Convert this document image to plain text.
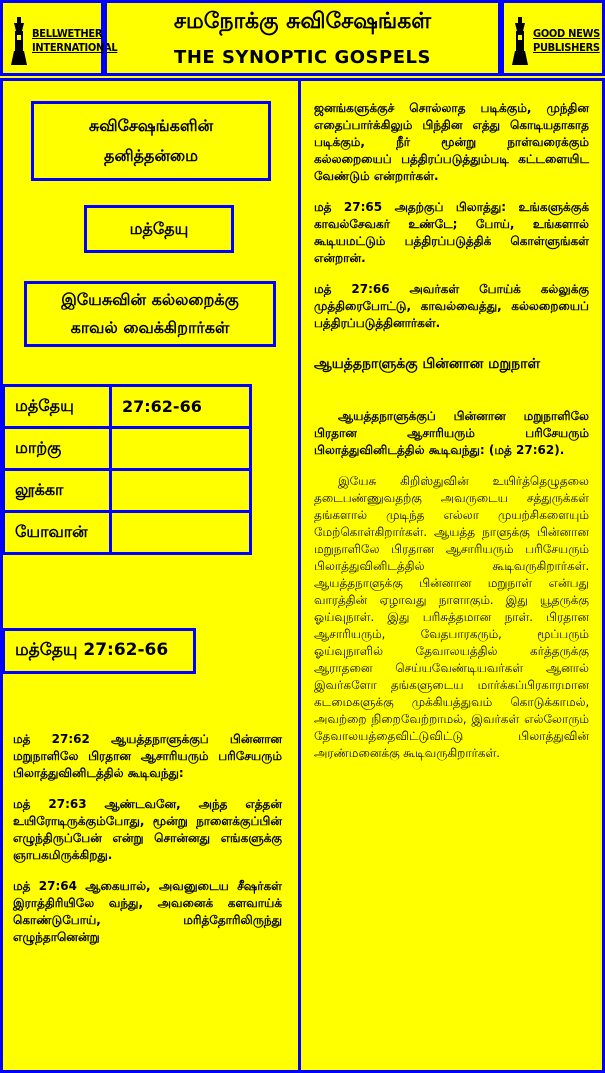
BELLWETHER
INTERNATIONAL
சமநோக்கு சுவிசேஷங்கள்
THE SYNOPTIC GOSPELS
GOOD NEWS
PUBLISHERS
சுவிசேஷங்களின்
தனித்தன்மை
மத்தேயு
இயேசுவின் கல்லறைக்கு
காவல் வைக்கிறார்கள்
மத்தேயு	27:62-66
மாற்கு	
லூக்கா	
யோவான்	
மத்தேயு 27:62-66

மத் 27:62 ஆயத்தநாளுக்குப் பின்னான மறுநாளிலே பிரதான ஆசாரியரும் பரிசேயரும் பிலாத்துவினிடத்தில் கூடிவந்து:

மத் 27:63 ஆண்டவனே, அந்த எத்தன் உயிரோடிருக்கும்போது, மூன்று நாளைக்குப்பின் எழுந்திருப்பேன் என்று சொன்னது எங்களுக்கு ஞாபகமிருக்கிறது.

மத் 27:64 ஆகையால், அவனுடைய சீஷர்கள் இராத்திரியிலே வந்து, அவனைக் களவாய்க் கொண்டுபோய், மரித்தோரிலிருந்து எழுந்தானென்று

ஜனங்களுக்குச் சொல்லாத படிக்கும், முந்தின எதைப்பார்க்கிலும் பிந்தின எத்து கொடியதாகாத படிக்கும், நீர் மூன்று நாள்வரைக்கும் கல்லறையைப் பத்திரப்படுத்தும்படி கட்டளையிட வேண்டும் என்றார்கள்.

மத் 27:65 அதற்குப் பிலாத்து: உங்களுக்குக் காவல்சேவகர் உண்டே; போய், உங்களால் கூடியமட்டும் பத்திரப்படுத்திக் கொள்ளுங்கள் என்றான்.

மத் 27:66 அவர்கள் போய்க் கல்லுக்கு முத்திரைபோட்டு, காவல்வைத்து, கல்லறையைப் பத்திரப்படுத்தினார்கள்.

ஆயத்தநாளுக்கு பின்னான மறுநாள்

ஆயத்தநாளுக்குப் பின்னான மறுநாளிலே பிரதான ஆசாரியரும் பரிசேயரும் பிலாத்துவினிடத்தில் கூடிவந்து: (மத் 27:62).

இயேசு கிறிஸ்துவின் உயிர்த்தெழுதலை தடைபண்ணுவதற்கு அவருடைய சத்துருக்கள் தங்களால் முடிந்த எல்லா முயற்சிகளையும் மேற்கொள்கிறார்கள். ஆயத்த நாளுக்கு பின்னான மறுநாளிலே பிரதான ஆசாரியரும் பரிசேயரும் பிலாத்துவினிடத்தில் கூடிவருகிறார்கள். ஆயத்தநாளுக்கு பின்னான மறுநாள் என்பது வாரத்தின் ஏழாவது நாளாகும். இது யூதருக்கு ஓய்வுநாள். இது பரிசுத்தமான நாள். பிரதான ஆசாரியரும், வேதபாரகரும், மூப்பரும் ஓய்வுநாளில் தேவாலயத்தில் கர்த்தருக்கு ஆராதனை செய்யவேண்டியவர்கள் ஆனால் இவர்களோ தங்களுடைய மார்க்கப்பிரகாரமான கடமைகளுக்கு முக்கியத்துவம் கொடுக்காமல், அவற்றை நிறைவேற்றாமல், இவர்கள் எல்லோரும் தேவாலயத்தைவிட்டுவிட்டு பிலாத்துவின் அரண்மனைக்கு கூடிவருகிறார்கள்.
